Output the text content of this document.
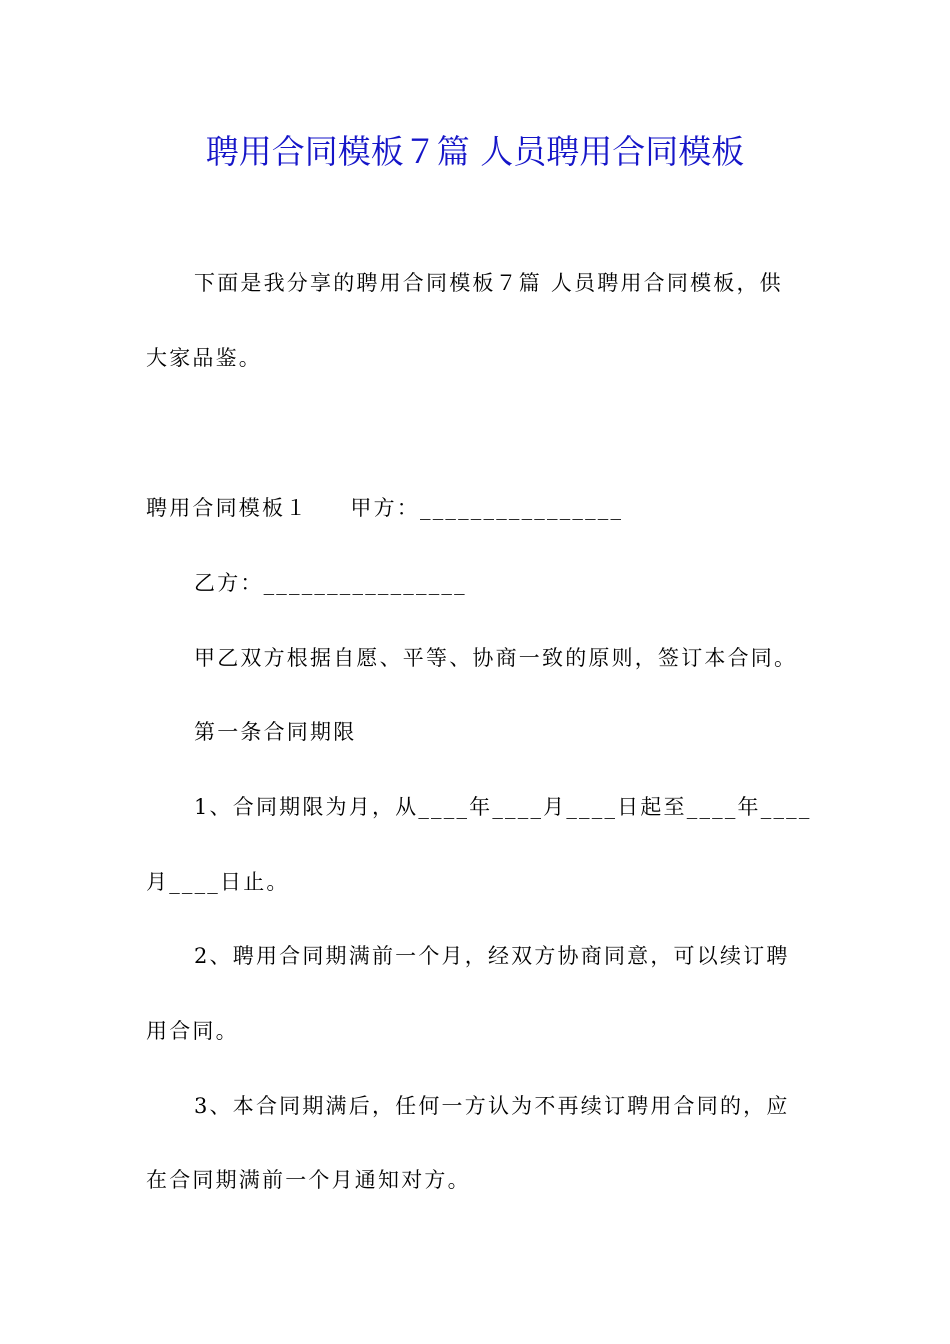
聘用合同模板７篇 人员聘用合同模板
下面是我分享的聘用合同模板７篇 人员聘用合同模板，供
大家品鉴。
聘用合同模板１ 甲方：________________
乙方：________________
甲乙双方根据自愿、平等、协商一致的原则，签订本合同。
第一条合同期限
1、合同期限为月，从____年____月____日起至____年____
月____日止。
2、聘用合同期满前一个月，经双方协商同意，可以续订聘
用合同。
3、本合同期满后，任何一方认为不再续订聘用合同的，应
在合同期满前一个月通知对方。
